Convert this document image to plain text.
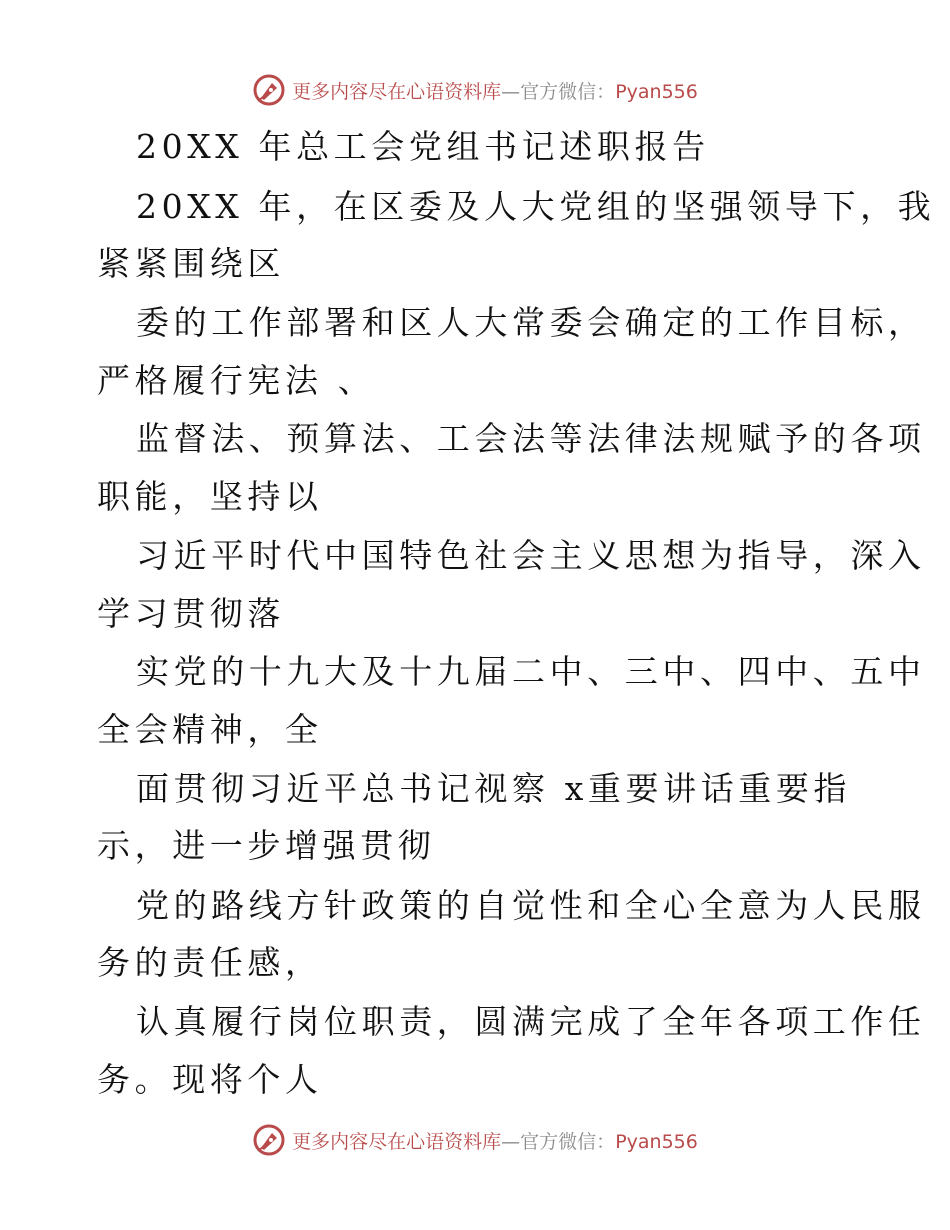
更多内容尽在心语资料库—官方微信：Pyan556
20XX 年总工会党组书记述职报告
20XX 年，在区委及人大党组的坚强领导下，我
紧紧围绕区
委的工作部署和区人大常委会确定的工作目标，
严格履行宪法 、
监督法、预算法、工会法等法律法规赋予的各项
职能，坚持以
习近平时代中国特色社会主义思想为指导，深入
学习贯彻落
实党的十九大及十九届二中、三中、四中、五中
全会精神，全
面贯彻习近平总书记视察 x重要讲话重要指
示，进一步增强贯彻
党的路线方针政策的自觉性和全心全意为人民服
务的责任感，
认真履行岗位职责，圆满完成了全年各项工作任
务。现将个人
更多内容尽在心语资料库—官方微信：Pyan556
